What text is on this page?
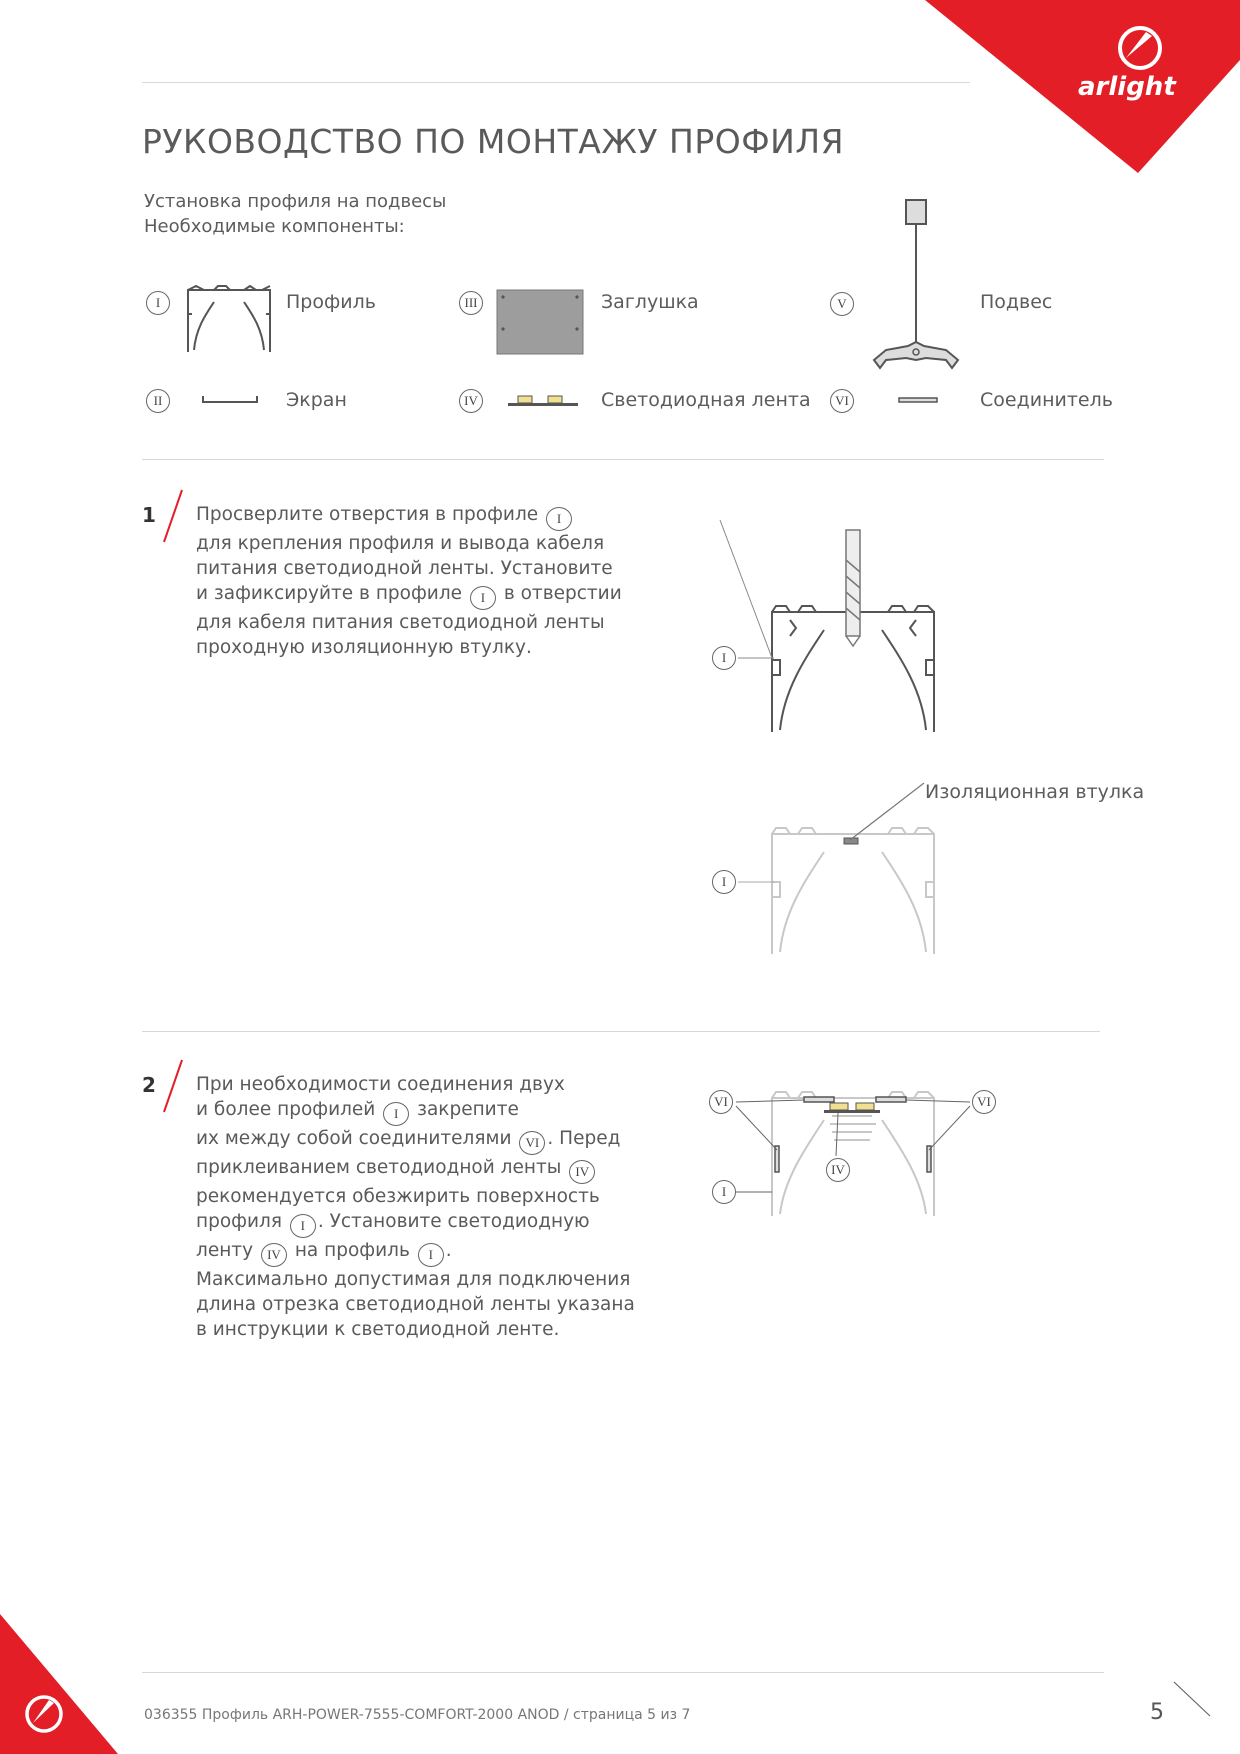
arlight
РУКОВОДСТВО ПО МОНТАЖУ ПРОФИЛЯ
Установка профиля на подвесы
Необходимые компоненты:
I	Профиль
II	Экран
III	Заглушка
IV	Светодиодная лента
V	Подвес
VI	Соединитель
1 Просверлите отверстия в профиле I
для крепления профиля и вывода кабеля
питания светодиодной ленты. Установите
и зафиксируйте в профиле I в отверстии
для кабеля питания светодиодной ленты
проходную изоляционную втулку.	I
Изоляционная втулка
I
2 При необходимости соединения двух
и более профилей I закрепите
их между собой соединителями VI . Перед
приклеиванием светодиодной ленты IV
рекомендуется обезжирить поверхность
профиля I . Установите светодиодную
ленту IV на профиль I .
Максимально допустимая для подключения
длина отрезка светодиодной ленты указана
в инструкции к светодиодной ленте.
VI	VI
IV
I
036355 Профиль ARH-POWER-7555-COMFORT-2000 ANOD / страница 5 из 7	5
